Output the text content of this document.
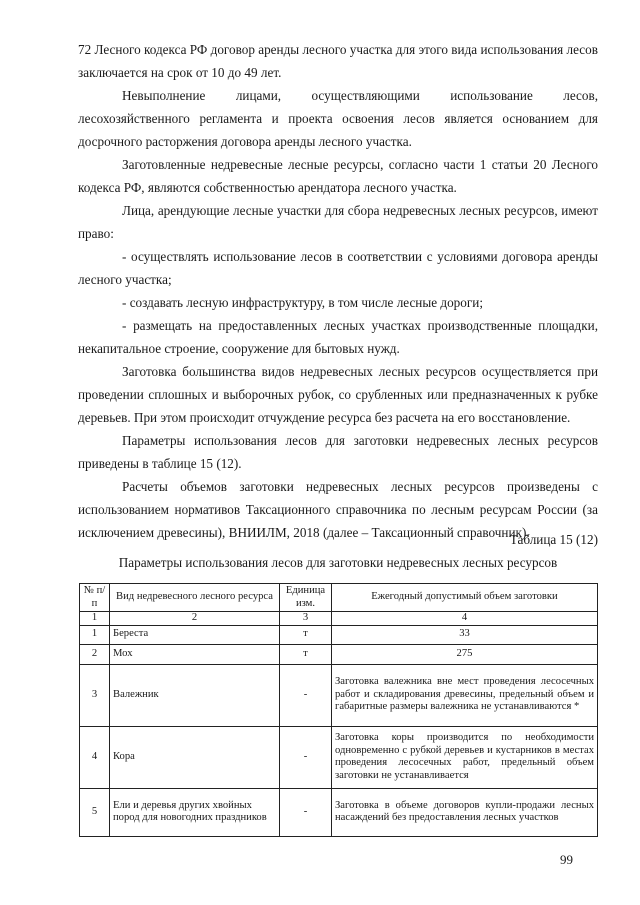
72 Лесного кодекса РФ договор аренды лесного участка для этого вида использования лесов заключается на срок от 10 до 49 лет.

Невыполнение лицами, осуществляющими использование лесов, лесохозяйственного регламента и проекта освоения лесов является основанием для досрочного расторжения договора аренды лесного участка.

Заготовленные недревесные лесные ресурсы, согласно части 1 статьи 20 Лесного кодекса РФ, являются собственностью арендатора лесного участка.

Лица, арендующие лесные участки для сбора недревесных лесных ресурсов, имеют право:

- осуществлять использование лесов в соответствии с условиями договора аренды лесного участка;

- создавать лесную инфраструктуру, в том числе лесные дороги;

- размещать на предоставленных лесных участках производственные площадки, некапитальное строение, сооружение для бытовых нужд.

Заготовка большинства видов недревесных лесных ресурсов осуществляется при проведении сплошных и выборочных рубок, со срубленных или предназначенных к рубке деревьев. При этом происходит отчуждение ресурса без расчета на его восстановление.

Параметры использования лесов для заготовки недревесных лесных ресурсов приведены в таблице 15 (12).

Расчеты объемов заготовки недревесных лесных ресурсов произведены с использованием нормативов Таксационного справочника по лесным ресурсам России (за исключением древесины), ВНИИЛМ, 2018 (далее – Таксационный справочник).

Таблица 15 (12)
Параметры использования лесов для заготовки недревесных лесных ресурсов
№ п/п	Вид недревесного лесного ресурса	Единица изм.	Ежегодный допустимый объем заготовки
1	2	3	4
1	Береста	т	33
2	Мох	т	275
3	Валежник	-	Заготовка валежника вне мест проведения лесосечных работ и складирования древесины, предельный объем и габаритные размеры валежника не устанавливаются *
4	Кора	-	Заготовка коры производится по необходимости одновременно с рубкой деревьев и кустарников в местах проведения лесосечных работ, предельный объем заготовки не устанавливается
5	Ели и деревья других хвойных пород для новогодних праздников	-	Заготовка в объеме договоров купли-продажи лесных насаждений без предоставления лесных участков
99
